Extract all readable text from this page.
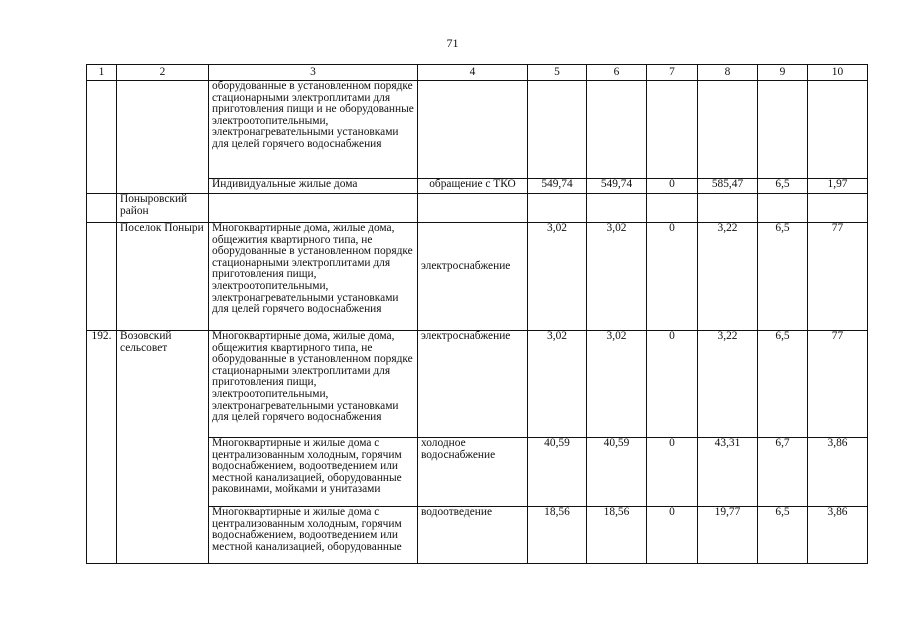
71
1	2	3	4	5	6	7	8	9	10
		оборудованные в установленном порядке стационарными электроплитами для приготовления пищи и не оборудованные электроотопительными, электронагревательными установками для целей горячего водоснабжения							
		Индивидуальные жилые дома	обращение с ТКО	549,74	549,74	0	585,47	6,5	1,97
	Поныровский район								
	Поселок Поныри	Многоквартирные дома, жилые дома, общежития квартирного типа, не оборудованные в установленном порядке стационарными электроплитами для приготовления пищи, электроотопительными, электронагревательными установками для целей горячего водоснабжения	электроснабжение	3,02	3,02	0	3,22	6,5	77
192.	Возовский сельсовет	Многоквартирные дома, жилые дома, общежития квартирного типа, не оборудованные в установленном порядке стационарными электроплитами для приготовления пищи, электроотопительными, электронагревательными установками для целей горячего водоснабжения	электроснабжение	3,02	3,02	0	3,22	6,5	77
		Многоквартирные и жилые дома с централизованным холодным, горячим водоснабжением, водоотведением или местной канализацией, оборудованные раковинами, мойками и унитазами	холодное водоснабжение	40,59	40,59	0	43,31	6,7	3,86
		Многоквартирные и жилые дома с централизованным холодным, горячим водоснабжением, водоотведением или местной канализацией, оборудованные	водоотведение	18,56	18,56	0	19,77	6,5	3,86
